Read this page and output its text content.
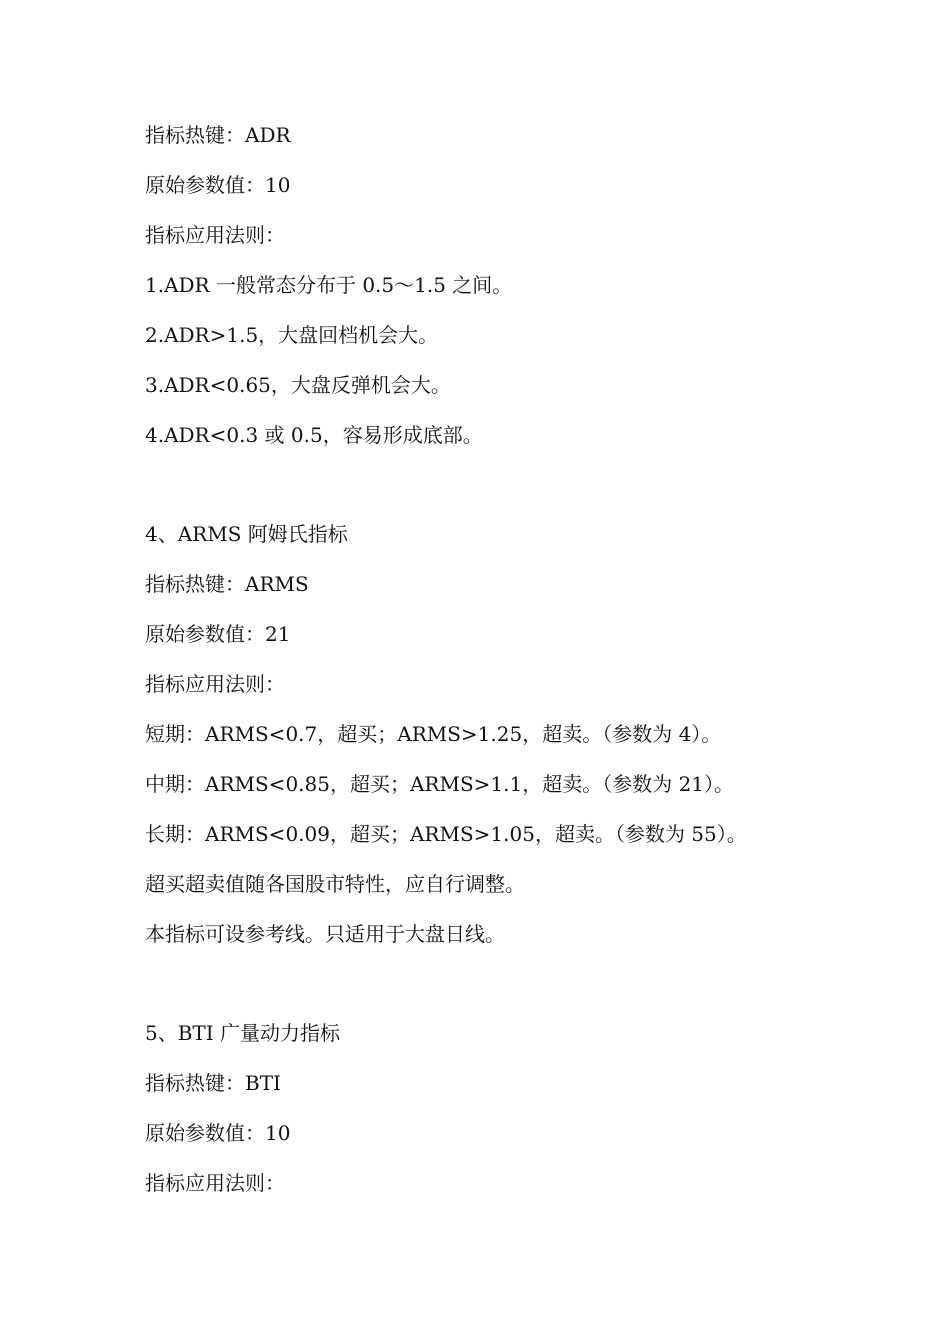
指标热键：ADR
原始参数值：10
指标应用法则：
1.ADR 一般常态分布于 0.5～1.5 之间。
2.ADR>1.5，大盘回档机会大。
3.ADR<0.65，大盘反弹机会大。
4.ADR<0.3 或 0.5，容易形成底部。
4、ARMS 阿姆氏指标
指标热键：ARMS
原始参数值：21
指标应用法则：
短期：ARMS<0.7，超买；ARMS>1.25，超卖。（参数为 4）。
中期：ARMS<0.85，超买；ARMS>1.1，超卖。（参数为 21）。
长期：ARMS<0.09，超买；ARMS>1.05，超卖。（参数为 55）。
超买超卖值随各国股市特性，应自行调整。
本指标可设参考线。只适用于大盘日线。
5、BTI 广量动力指标
指标热键：BTI
原始参数值：10
指标应用法则：
